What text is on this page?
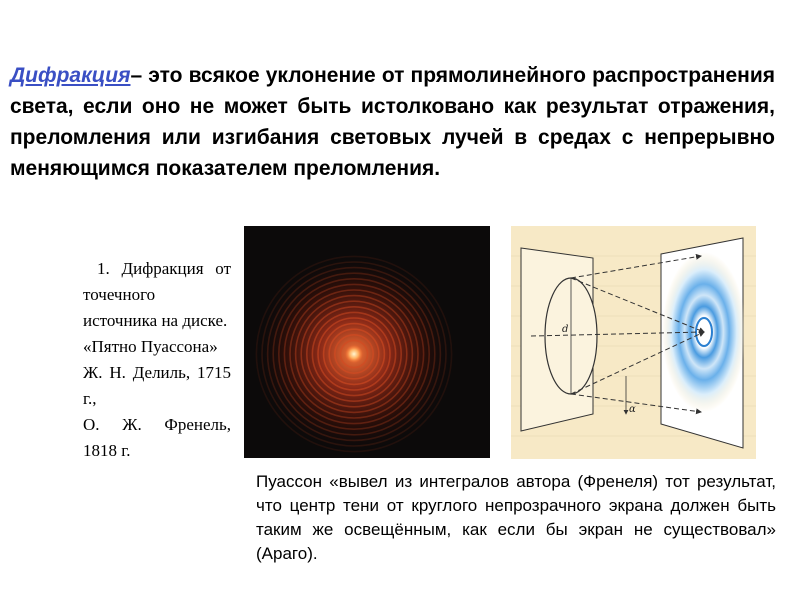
Дифракция– это всякое уклонение от прямолинейного распространения света, если оно не может быть истолковано как результат отражения, преломления или изгибания световых лучей в средах с непрерывно меняющимся показателем преломления.

1. Дифракция от точечного источника на диске.

«Пятно Пуассона»

Ж. Н. Делиль, 1715 г.,

О. Ж. Френель, 1818 г.

d
α
Пуассон «вывел из интегралов автора (Френеля) тот результат, что центр тени от круглого непрозрачного экрана должен быть таким же освещённым, как если бы экран не существовал» (Араго).
